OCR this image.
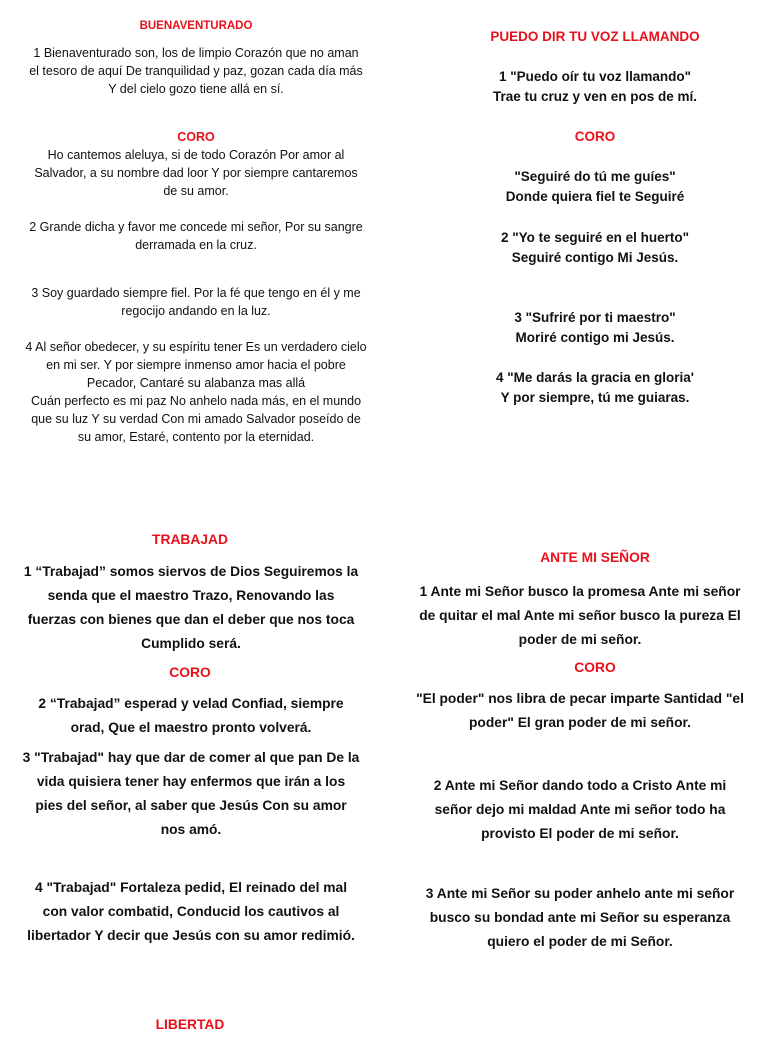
BUENAVENTURADO
1 Bienaventurado son, los de limpio Corazón que no aman el tesoro de aquí De tranquilidad y paz, gozan cada día más Y del cielo gozo tiene allá en sí.
CORO
Ho cantemos aleluya, si de todo Corazón Por amor al Salvador, a su nombre dad loor Y por siempre cantaremos de su amor.
2 Grande dicha y favor me concede mi señor, Por su sangre derramada en la cruz.
3 Soy guardado siempre fiel. Por la fé que tengo en él y me regocijo andando en la luz.
4 Al señor obedecer, y su espíritu tener Es un verdadero cielo en mi ser. Y por siempre inmenso amor hacia el pobre
Pecador, Cantaré su alabanza mas allá
Cuán perfecto es mi paz No anhelo nada más, en el mundo que su luz Y su verdad Con mi amado Salvador poseído de su amor, Estaré, contento por la eternidad.
PUEDO DIR TU VOZ LLAMANDO
1 "Puedo oír tu voz llamando"
Trae tu cruz y ven en pos de mí.
CORO
"Seguiré do tú me guíes"
Donde quiera fiel te Seguiré
2 "Yo te seguiré en el huerto"
Seguiré contigo Mi Jesús.
3 "Sufriré por ti maestro"
Moriré contigo mi Jesús.
4 "Me darás la gracia en gloria'
Y por siempre, tú me guiaras.
TRABAJAD
1 “Trabajad” somos siervos de Dios Seguiremos la senda que el maestro Trazo, Renovando las fuerzas con bienes que dan el deber que nos toca Cumplido será.
CORO
2 “Trabajad” esperad y velad Confiad, siempre orad, Que el maestro pronto volverá.
3 "Trabajad" hay que dar de comer al que pan De la vida quisiera tener hay enfermos que irán a los pies del señor, al saber que Jesús Con su amor nos amó.
4 "Trabajad" Fortaleza pedid, El reinado del mal con valor combatid, Conducid los cautivos al libertador Y decir que Jesús con su amor redimió.
ANTE MI SEÑOR
1 Ante mi Señor busco la promesa Ante mi señor de quitar el mal Ante mi señor busco la pureza El poder de mi señor.
CORO
"El poder" nos libra de pecar imparte Santidad "el poder" El gran poder de mi señor.
2 Ante mi Señor dando todo a Cristo Ante mi señor dejo mi maldad Ante mi señor todo ha provisto El poder de mi señor.
3 Ante mi Señor su poder anhelo ante mi señor busco su bondad ante mi Señor su esperanza quiero el poder de mi Señor.
LIBERTAD
